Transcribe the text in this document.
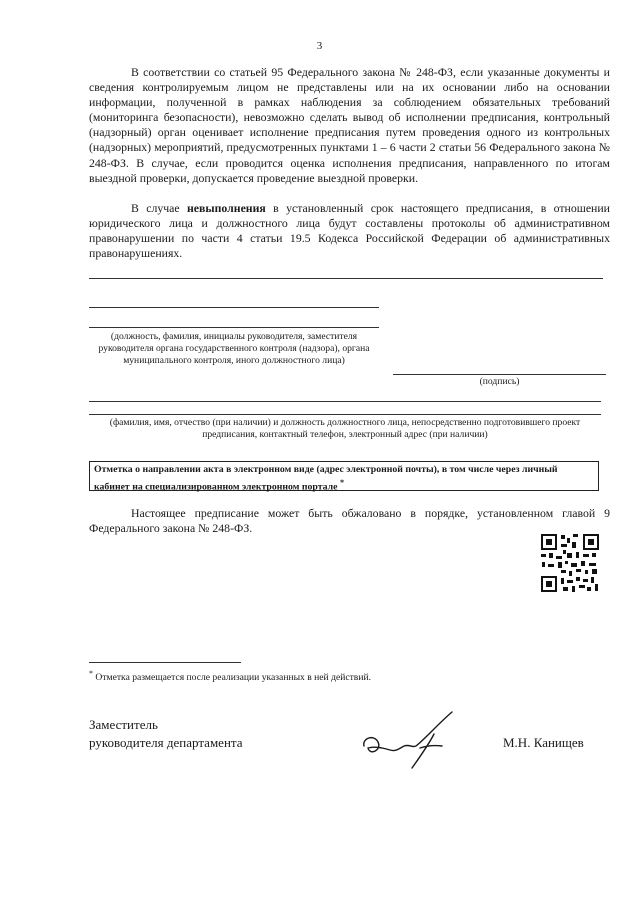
3

В соответствии со статьей 95 Федерального закона № 248-ФЗ, если указанные документы и сведения контролируемым лицом не представлены или на их основании либо на основании информации, полученной в рамках наблюдения за соблюдением обязательных требований (мониторинга безопасности), невозможно сделать вывод об исполнении предписания, контрольный (надзорный) орган оценивает исполнение предписания путем проведения одного из контрольных (надзорных) мероприятий, предусмотренных пунктами 1 – 6 части 2 статьи 56 Федерального закона № 248-ФЗ. В случае, если проводится оценка исполнения предписания, направленного по итогам выездной проверки, допускается проведение выездной проверки.

В случае невыполнения в установленный срок настоящего предписания, в отношении юридического лица и должностного лица будут составлены протоколы об административном правонарушении по части 4 статьи 19.5 Кодекса Российской Федерации об административных правонарушениях.

(должность, фамилия, инициалы руководителя, заместителя руководителя органа государственного контроля (надзора), органа муниципального контроля, иного должностного лица)

(подпись)

(фамилия, имя, отчество (при наличии) и должность должностного лица, непосредственно подготовившего проект предписания, контактный телефон, электронный адрес (при наличии)

Отметка о направлении акта в электронном виде (адрес электронной почты), в том числе через личный кабинет на специализированном электронном портале *

Настоящее предписание может быть обжаловано в порядке, установленном главой 9 Федерального закона № 248-ФЗ.

* Отметка размещается после реализации указанных в ней действий.
Заместитель
руководителя департамента	М.Н. Канищев
